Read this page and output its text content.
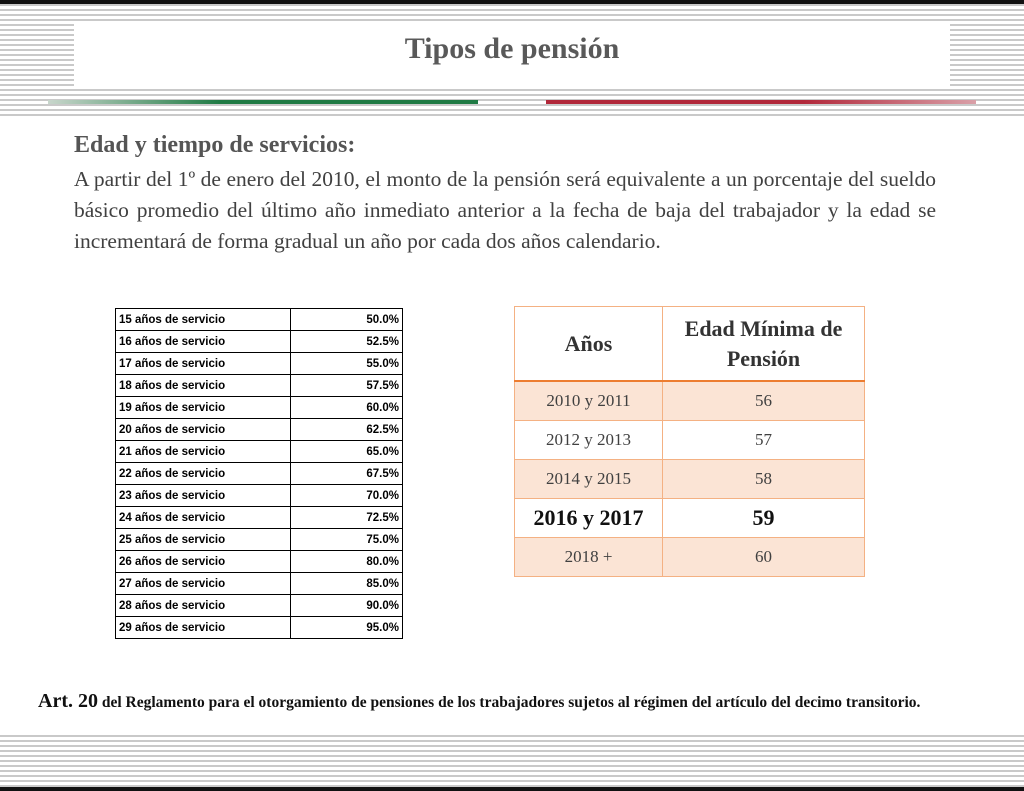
Tipos de pensión
Edad y tiempo de servicios:
A partir del 1º de enero del 2010, el monto de la pensión será equivalente a un porcentaje del sueldo básico promedio del último año inmediato anterior a la fecha de baja del trabajador y la edad se incrementará de forma gradual un año por cada dos años calendario.
15 años de servicio	50.0%
16 años de servicio	52.5%
17 años de servicio	55.0%
18 años de servicio	57.5%
19 años de servicio	60.0%
20 años de servicio	62.5%
21 años de servicio	65.0%
22 años de servicio	67.5%
23 años de servicio	70.0%
24 años de servicio	72.5%
25 años de servicio	75.0%
26 años de servicio	80.0%
27 años de servicio	85.0%
28 años de servicio	90.0%
29 años de servicio	95.0%
Años	Edad Mínima de Pensión
2010 y 2011	56
2012 y 2013	57
2014 y 2015	58
2016 y 2017	59
2018 +	60
Art. 20 del Reglamento para el otorgamiento de pensiones de los trabajadores sujetos al régimen del artículo del decimo transitorio.
